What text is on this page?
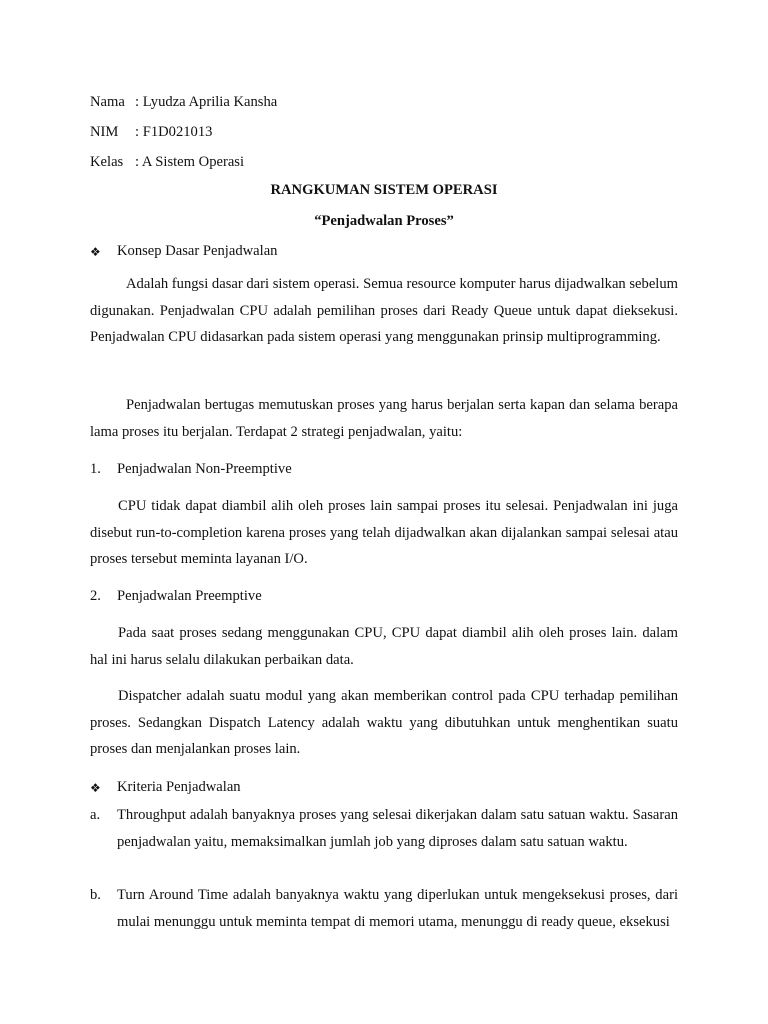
Nama : Lyudza Aprilia Kansha
NIM : F1D021013
Kelas : A Sistem Operasi
RANGKUMAN SISTEM OPERASI
“Penjadwalan Proses”
❖ Konsep Dasar Penjadwalan
Adalah fungsi dasar dari sistem operasi. Semua resource komputer harus dijadwalkan sebelum digunakan. Penjadwalan CPU adalah pemilihan proses dari Ready Queue untuk dapat dieksekusi. Penjadwalan CPU didasarkan pada sistem operasi yang menggunakan prinsip multiprogramming.
Penjadwalan bertugas memutuskan proses yang harus berjalan serta kapan dan selama berapa lama proses itu berjalan. Terdapat 2 strategi penjadwalan, yaitu:
1. Penjadwalan Non-Preemptive
CPU tidak dapat diambil alih oleh proses lain sampai proses itu selesai. Penjadwalan ini juga disebut run-to-completion karena proses yang telah dijadwalkan akan dijalankan sampai selesai atau proses tersebut meminta layanan I/O.
2. Penjadwalan Preemptive
Pada saat proses sedang menggunakan CPU, CPU dapat diambil alih oleh proses lain. dalam hal ini harus selalu dilakukan perbaikan data.
Dispatcher adalah suatu modul yang akan memberikan control pada CPU terhadap pemilihan proses. Sedangkan Dispatch Latency adalah waktu yang dibutuhkan untuk menghentikan suatu proses dan menjalankan proses lain.
❖ Kriteria Penjadwalan
a. Throughput adalah banyaknya proses yang selesai dikerjakan dalam satu satuan waktu. Sasaran penjadwalan yaitu, memaksimalkan jumlah job yang diproses dalam satu satuan waktu.
b. Turn Around Time adalah banyaknya waktu yang diperlukan untuk mengeksekusi proses, dari mulai menunggu untuk meminta tempat di memori utama, menunggu di ready queue, eksekusi
